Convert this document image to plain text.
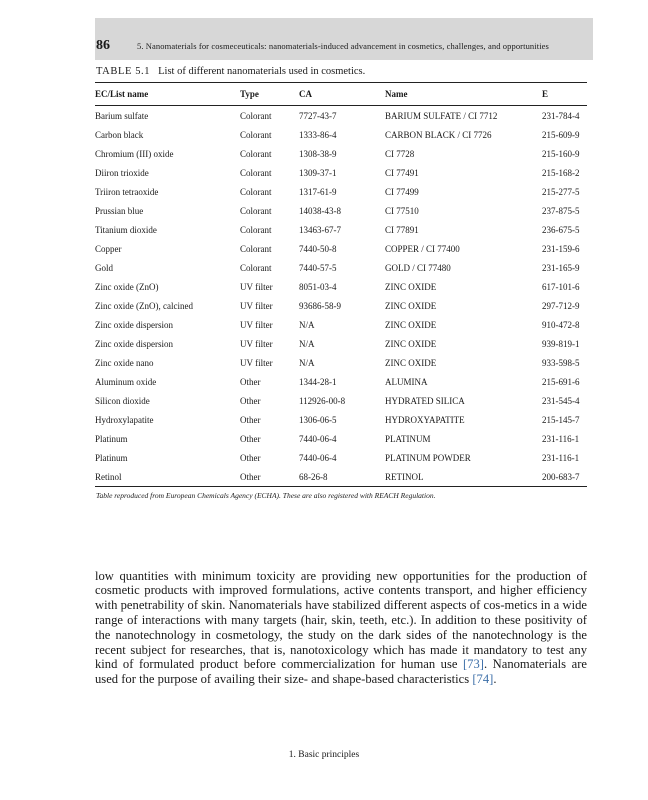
86	5. Nanomaterials for cosmeceuticals: nanomaterials-induced advancement in cosmetics, challenges, and opportunities
TABLE 5.1 List of different nanomaterials used in cosmetics.
EC/List name	Type	CA	Name	E
Barium sulfate	Colorant	7727-43-7	BARIUM SULFATE / CI 7712	231-784-4
Carbon black	Colorant	1333-86-4	CARBON BLACK / CI 7726	215-609-9
Chromium (III) oxide	Colorant	1308-38-9	CI 7728	215-160-9
Diiron trioxide	Colorant	1309-37-1	CI 77491	215-168-2
Triiron tetraoxide	Colorant	1317-61-9	CI 77499	215-277-5
Prussian blue	Colorant	14038-43-8	CI 77510	237-875-5
Titanium dioxide	Colorant	13463-67-7	CI 77891	236-675-5
Copper	Colorant	7440-50-8	COPPER / CI 77400	231-159-6
Gold	Colorant	7440-57-5	GOLD / CI 77480	231-165-9
Zinc oxide (ZnO)	UV filter	8051-03-4	ZINC OXIDE	617-101-6
Zinc oxide (ZnO), calcined	UV filter	93686-58-9	ZINC OXIDE	297-712-9
Zinc oxide dispersion	UV filter	N/A	ZINC OXIDE	910-472-8
Zinc oxide dispersion	UV filter	N/A	ZINC OXIDE	939-819-1
Zinc oxide nano	UV filter	N/A	ZINC OXIDE	933-598-5
Aluminum oxide	Other	1344-28-1	ALUMINA	215-691-6
Silicon dioxide	Other	112926-00-8	HYDRATED SILICA	231-545-4
Hydroxylapatite	Other	1306-06-5	HYDROXYAPATITE	215-145-7
Platinum	Other	7440-06-4	PLATINUM	231-116-1
Platinum	Other	7440-06-4	PLATINUM POWDER	231-116-1
Retinol	Other	68-26-8	RETINOL	200-683-7
Table reproduced from European Chemicals Agency (ECHA). These are also registered with REACH Regulation.

low quantities with minimum toxicity are providing new opportunities for the production of cosmetic products with improved formulations, active contents transport, and higher efficiency with penetrability of skin. Nanomaterials have stabilized different aspects of cos-metics in a wide range of interactions with many targets (hair, skin, teeth, etc.). In addition to these positivity of the nanotechnology in cosmetology, the study on the dark sides of the nanotechnology is the recent subject for researches, that is, nanotoxicology which has made it mandatory to test any kind of formulated product before commercialization for human use [73]. Nanomaterials are used for the purpose of availing their size- and shape-based characteristics [74].

1. Basic principles
